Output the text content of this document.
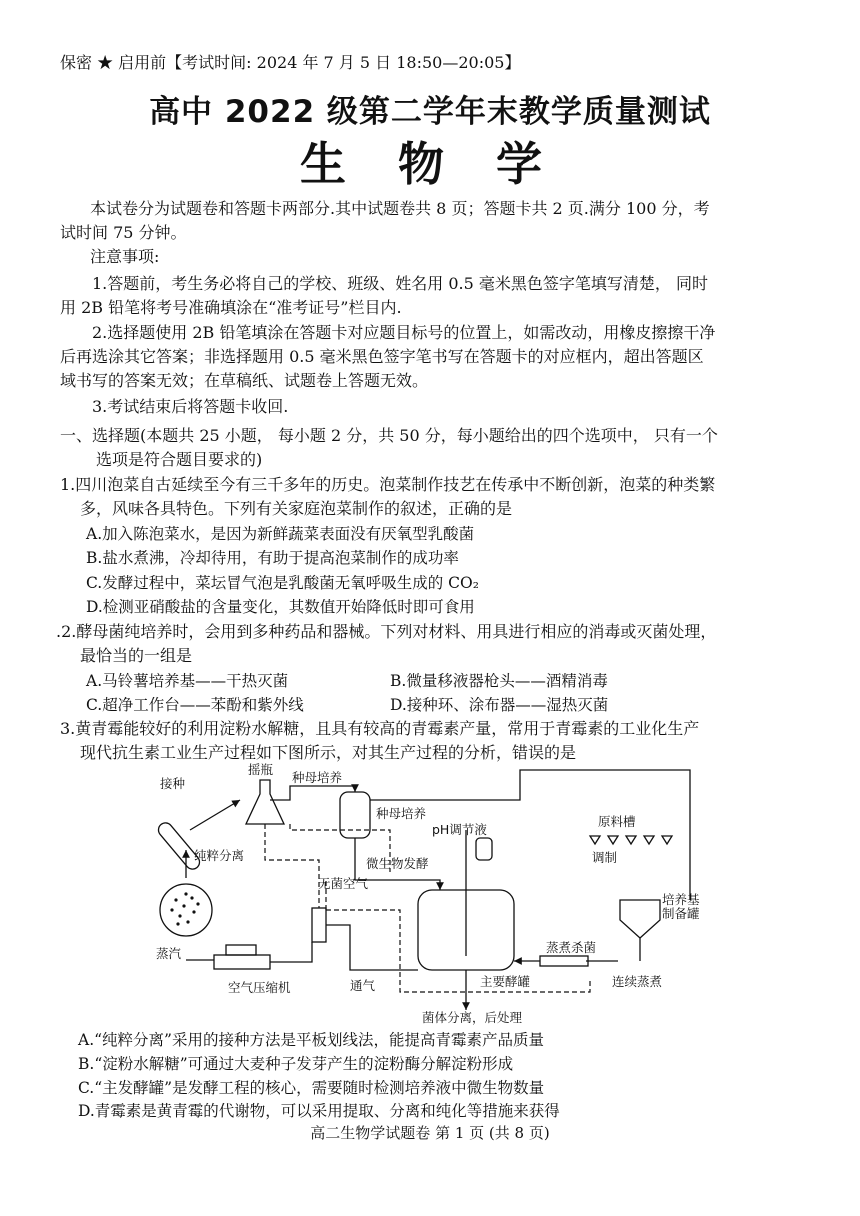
保密 ★ 启用前【考试时间: 2024 年 7 月 5 日 18:50—20:05】
高中 2022 级第二学年末教学质量测试
生 物 学
本试卷分为试题卷和答题卡两部分.其中试题卷共 8 页；答题卡共 2 页.满分 100 分，考
试时间 75 分钟。
注意事项:
1.答题前，考生务必将自己的学校、班级、姓名用 0.5 毫米黑色签字笔填写清楚， 同时
用 2B 铅笔将考号准确填涂在“准考证号”栏目内.
2.选择题使用 2B 铅笔填涂在答题卡对应题目标号的位置上，如需改动，用橡皮擦擦干净
后再选涂其它答案；非选择题用 0.5 毫米黑色签字笔书写在答题卡的对应框内，超出答题区
域书写的答案无效；在草稿纸、试题卷上答题无效。
3.考试结束后将答题卡收回.
一、选择题(本题共 25 小题， 每小题 2 分，共 50 分，每小题给出的四个选项中， 只有一个
选项是符合题目要求的)
1.四川泡菜自古延续至今有三千多年的历史。泡菜制作技艺在传承中不断创新，泡菜的种类繁
多，风味各具特色。下列有关家庭泡菜制作的叙述，正确的是
A.加入陈泡菜水，是因为新鲜蔬菜表面没有厌氧型乳酸菌
B.盐水煮沸，冷却待用，有助于提高泡菜制作的成功率
C.发酵过程中，菜坛冒气泡是乳酸菌无氧呼吸生成的 CO₂
D.检测亚硝酸盐的含量变化，其数值开始降低时即可食用
.2.酵母菌纯培养时，会用到多种药品和器械。下列对材料、用具进行相应的消毒或灭菌处理，
最恰当的一组是
A.马铃薯培养基——干热灭菌	B.微量移液器枪头——酒精消毒
C.超净工作台——苯酚和紫外线	D.接种环、涂布器——湿热灭菌
3.黄青霉能较好的利用淀粉水解糖，且具有较高的青霉素产量，常用于青霉素的工业化生产
现代抗生素工业生产过程如下图所示，对其生产过程的分析，错误的是
接种
摇瓶
种母培养
种母培养
pH调节液
纯粹分离
微生物发酵
无菌空气
原料槽
调制
培养基
制备罐
蒸汽	蒸煮杀菌
空气压缩机	通气	主要酵罐	连续蒸煮
菌体分离，后处理
A.“纯粹分离”采用的接种方法是平板划线法，能提高青霉素产品质量
B.“淀粉水解糖”可通过大麦种子发芽产生的淀粉酶分解淀粉形成
C.“主发酵罐”是发酵工程的核心，需要随时检测培养液中微生物数量
D.青霉素是黄青霉的代谢物，可以采用提取、分离和纯化等措施来获得
高二生物学试题卷 第 1 页 (共 8 页)
